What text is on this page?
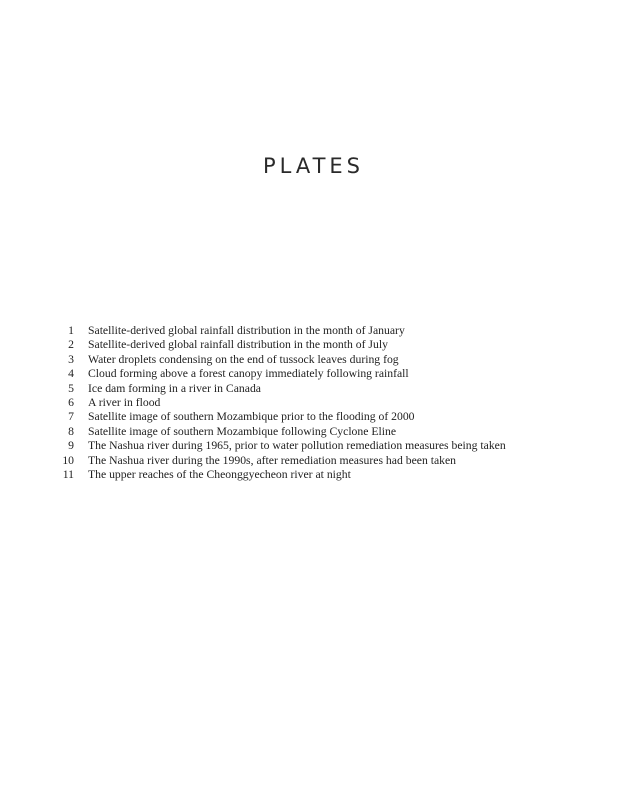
PLATES
1	Satellite-derived global rainfall distribution in the month of January
2	Satellite-derived global rainfall distribution in the month of July
3	Water droplets condensing on the end of tussock leaves during fog
4	Cloud forming above a forest canopy immediately following rainfall
5	Ice dam forming in a river in Canada
6	A river in flood
7	Satellite image of southern Mozambique prior to the flooding of 2000
8	Satellite image of southern Mozambique following Cyclone Eline
9	The Nashua river during 1965, prior to water pollution remediation measures being taken
10	The Nashua river during the 1990s, after remediation measures had been taken
11	The upper reaches of the Cheonggyecheon river at night
